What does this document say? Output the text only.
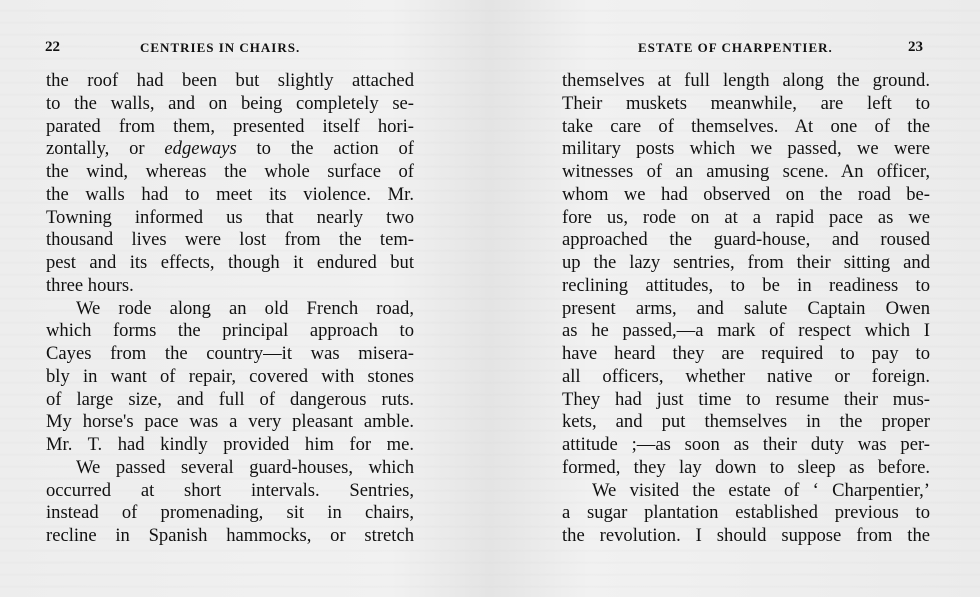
22	CENTRIES IN CHAIRS.
the roof had been but slightly attached
to the walls, and on being completely se-
parated from them, presented itself hori-
zontally, or edgeways to the action of
the wind, whereas the whole surface of
the walls had to meet its violence. Mr.
Towning informed us that nearly two
thousand lives were lost from the tem-
pest and its effects, though it endured but
three hours.
We rode along an old French road,
which forms the principal approach to
Cayes from the country—it was misera-
bly in want of repair, covered with stones
of large size, and full of dangerous ruts.
My horse's pace was a very pleasant amble.
Mr. T. had kindly provided him for me.
We passed several guard-houses, which
occurred at short intervals. Sentries,
instead of promenading, sit in chairs,
recline in Spanish hammocks, or stretch
ESTATE OF CHARPENTIER.	23
themselves at full length along the ground.
Their muskets meanwhile, are left to
take care of themselves. At one of the
military posts which we passed, we were
witnesses of an amusing scene. An officer,
whom we had observed on the road be-
fore us, rode on at a rapid pace as we
approached the guard-house, and roused
up the lazy sentries, from their sitting and
reclining attitudes, to be in readiness to
present arms, and salute Captain Owen
as he passed,—a mark of respect which I
have heard they are required to pay to
all officers, whether native or foreign.
They had just time to resume their mus-
kets, and put themselves in the proper
attitude ;—as soon as their duty was per-
formed, they lay down to sleep as before.
We visited the estate of ‘ Charpentier,’
a sugar plantation established previous to
the revolution. I should suppose from the
